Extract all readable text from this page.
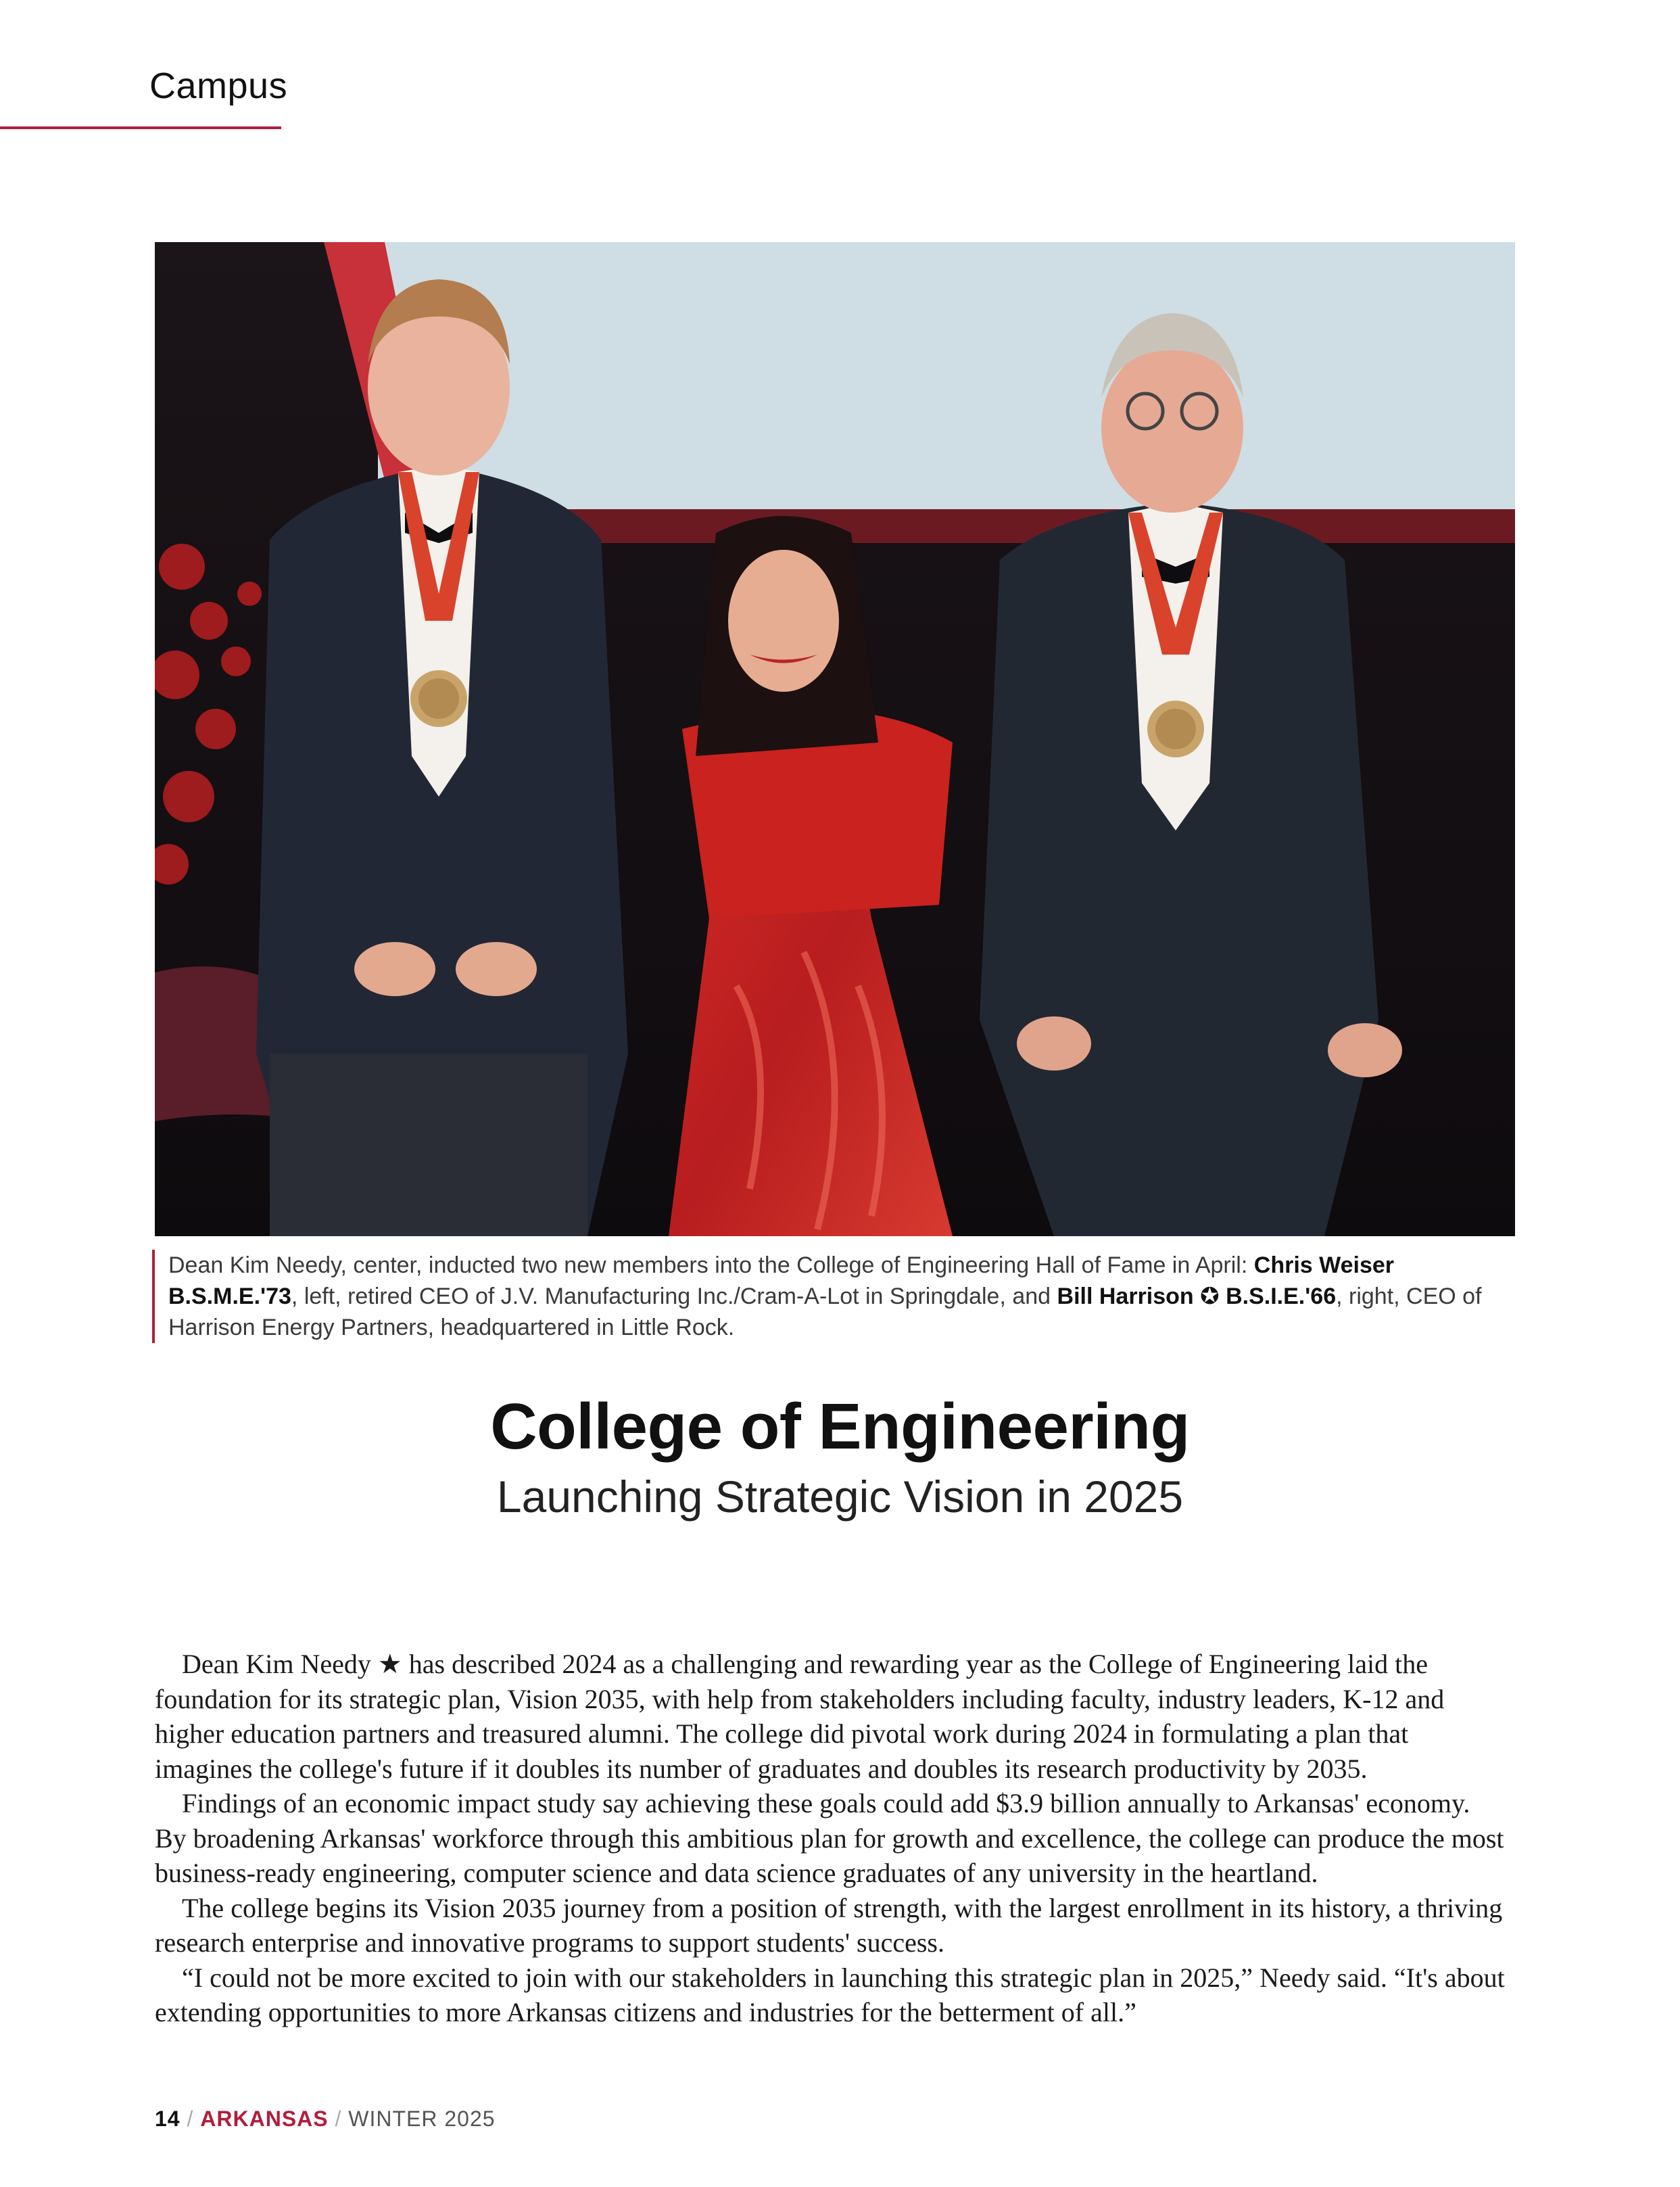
Campus
Dean Kim Needy, center, inducted two new members into the College of Engineering Hall of Fame in April: Chris Weiser B.S.M.E.'73, left, retired CEO of J.V. Manufacturing Inc./Cram-A-Lot in Springdale, and Bill Harrison ✪ B.S.I.E.'66, right, CEO of Harrison Energy Partners, headquartered in Little Rock.
College of Engineering
Launching Strategic Vision in 2025

Dean Kim Needy ★ has described 2024 as a challenging and rewarding year as the College of Engineering laid the foundation for its strategic plan, Vision 2035, with help from stakeholders including faculty, industry leaders, K-12 and higher education partners and treasured alumni. The college did pivotal work during 2024 in formulating a plan that imagines the college's future if it doubles its number of graduates and doubles its research productivity by 2035.

Findings of an economic impact study say achieving these goals could add $3.9 billion annually to Arkansas' economy. By broadening Arkansas' workforce through this ambitious plan for growth and excellence, the college can produce the most business-ready engineering, computer science and data science graduates of any university in the heartland.

The college begins its Vision 2035 journey from a position of strength, with the largest enrollment in its history, a thriving research enterprise and innovative programs to support students' success.

“I could not be more excited to join with our stakeholders in launching this strategic plan in 2025,” Needy said. “It's about extending opportunities to more Arkansas citizens and industries for the betterment of all.”

14 / ARKANSAS / WINTER 2025
